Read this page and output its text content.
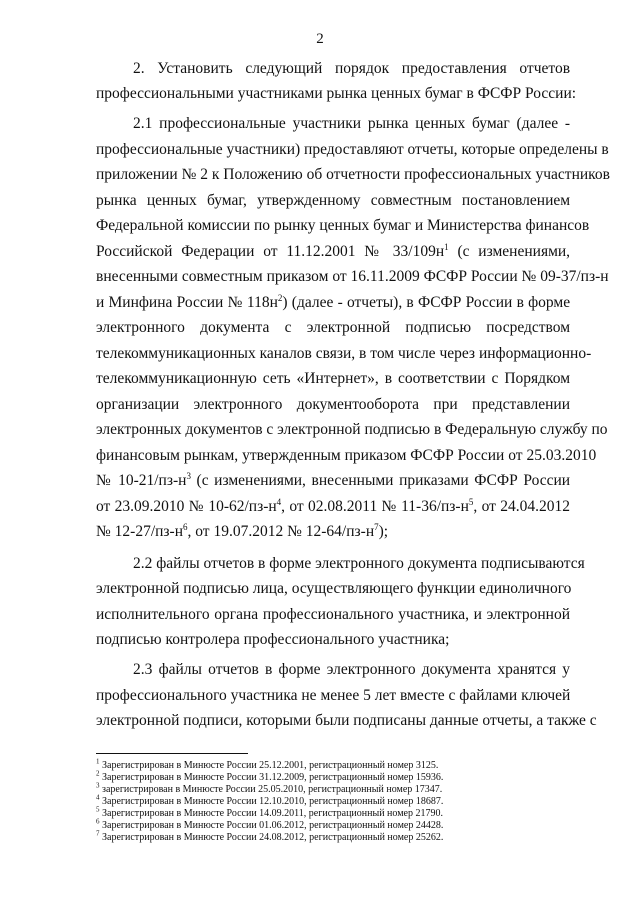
2
2. Установить следующий порядок предоставления отчетов
профессиональными участниками рынка ценных бумаг в ФСФР России:
2.1 профессиональные участники рынка ценных бумаг (далее -
профессиональные участники) предоставляют отчеты, которые определены в
приложении № 2 к Положению об отчетности профессиональных участников
рынка ценных бумаг, утвержденному совместным постановлением
Федеральной комиссии по рынку ценных бумаг и Министерства финансов
Российской Федерации от 11.12.2001 № $33/109н^1$ (с изменениями,
внесенными совместным приказом от 16.11.2009 ФСФР России № 09-37/пз-н
и Минфина России № $118н^2$) (далее - отчеты), в ФСФР России в форме
электронного документа с электронной подписью посредством
телекоммуникационных каналов связи, в том числе через информационно-
телекоммуникационную сеть «Интернет», в соответствии с Порядком
организации электронного документооборота при представлении
электронных документов с электронной подписью в Федеральную службу по
финансовым рынкам, утвержденным приказом ФСФР России от 25.03.2010
№ $10-21/пз-н^3$ (с изменениями, внесенными приказами ФСФР России
от 23.09.2010 № $10-62/пз-н^4$, от 02.08.2011 № $11-36/пз-н^5$, от 24.04.2012
№ $12-27/пз-н^6$, от 19.07.2012 № $12-64/пз-н^7$);
2.2 файлы отчетов в форме электронного документа подписываются
электронной подписью лица, осуществляющего функции единоличного
исполнительного органа профессионального участника, и электронной
подписью контролера профессионального участника;
2.3 файлы отчетов в форме электронного документа хранятся у
профессионального участника не менее 5 лет вместе с файлами ключей
электронной подписи, которыми были подписаны данные отчеты, а также с
$^1$ Зарегистрирован в Минюсте России 25.12.2001, регистрационный номер 3125.
$^2$ Зарегистрирован в Минюсте России 31.12.2009, регистрационный номер 15936.
$^3$ зарегистрирован в Минюсте России 25.05.2010, регистрационный номер 17347.
$^4$ Зарегистрирован в Минюсте России 12.10.2010, регистрационный номер 18687.
$^5$ Зарегистрирован в Минюсте России 14.09.2011, регистрационный номер 21790.
$^6$ Зарегистрирован в Минюсте России 01.06.2012, регистрационный номер 24428.
$^7$ Зарегистрирован в Минюсте России 24.08.2012, регистрационный номер 25262.
